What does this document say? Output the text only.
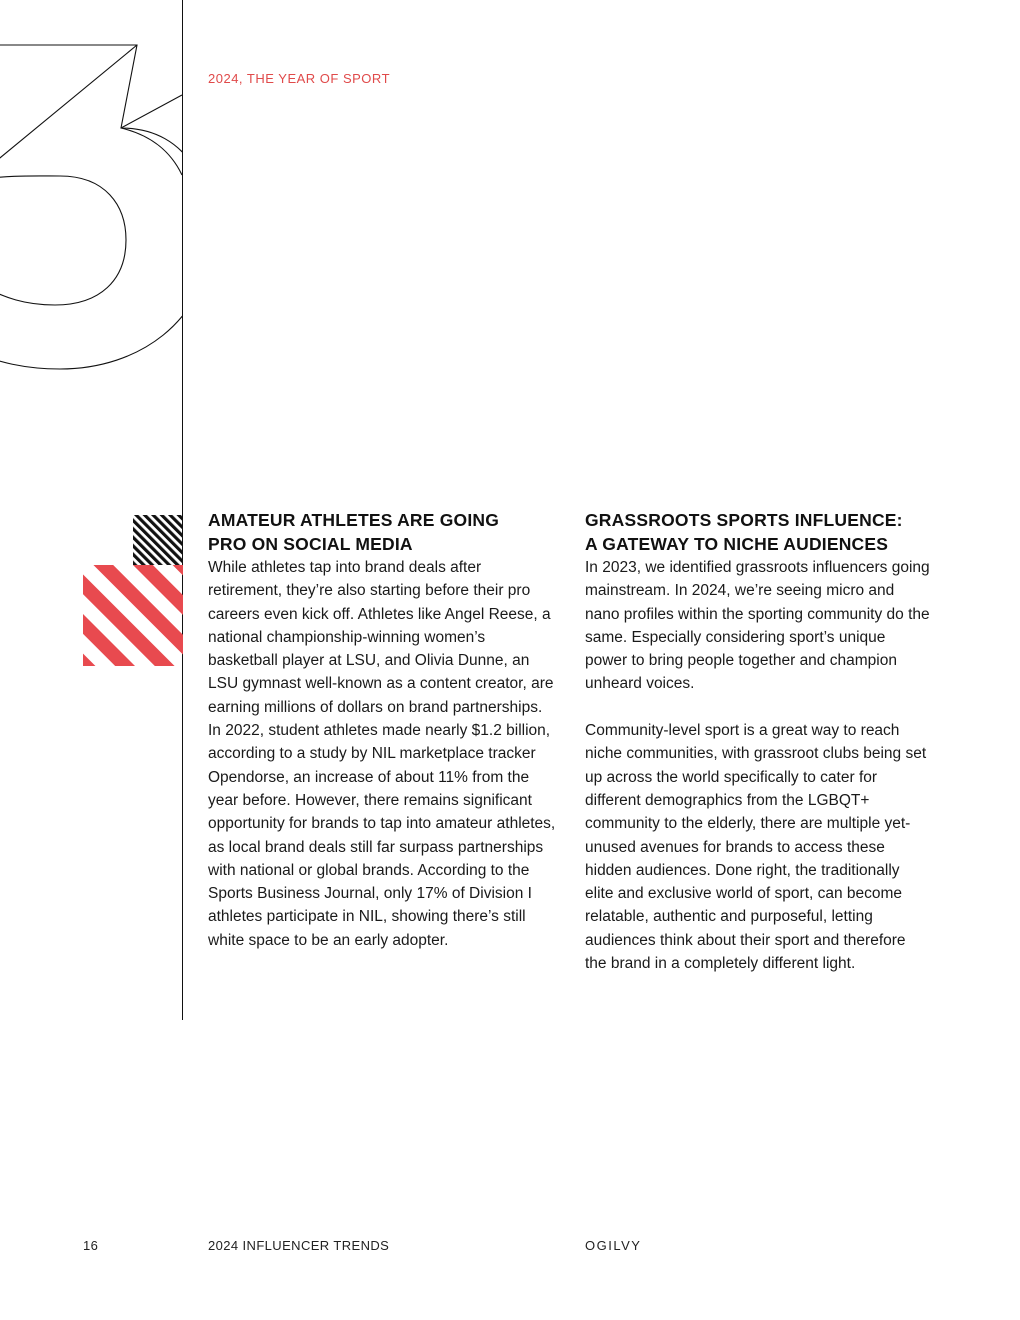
2024, THE YEAR OF SPORT
AMATEUR ATHLETES ARE GOING
PRO ON SOCIAL MEDIA

While athletes tap into brand deals after retirement, they’re also starting before their pro careers even kick off. Athletes like Angel Reese, a national championship-winning women’s basketball player at LSU, and Olivia Dunne, an LSU gymnast well-known as a content creator, are earning millions of dollars on brand partnerships. In 2022, student athletes made nearly $1.2 billion, according to a study by NIL marketplace tracker Opendorse, an increase of about 11% from the year before. However, there remains significant opportunity for brands to tap into amateur athletes, as local brand deals still far surpass partnerships with national or global brands. According to the Sports Business Journal, only 17% of Division I athletes participate in NIL, showing there’s still white space to be an early adopter.

GRASSROOTS SPORTS INFLUENCE:
A GATEWAY TO NICHE AUDIENCES

In 2023, we identified grassroots influencers going mainstream. In 2024, we’re seeing micro and nano profiles within the sporting community do the same. Especially considering sport’s unique power to bring people together and champion unheard voices.

Community-level sport is a great way to reach niche communities, with grassroot clubs being set up across the world specifically to cater for different demographics from the LGBQT+ community to the elderly, there are multiple yet-unused avenues for brands to access these hidden audiences. Done right, the traditionally elite and exclusive world of sport, can become relatable, authentic and purposeful, letting audiences think about their sport and therefore the brand in a completely different light.

16	2024 INFLUENCER TRENDS	OGILVY
